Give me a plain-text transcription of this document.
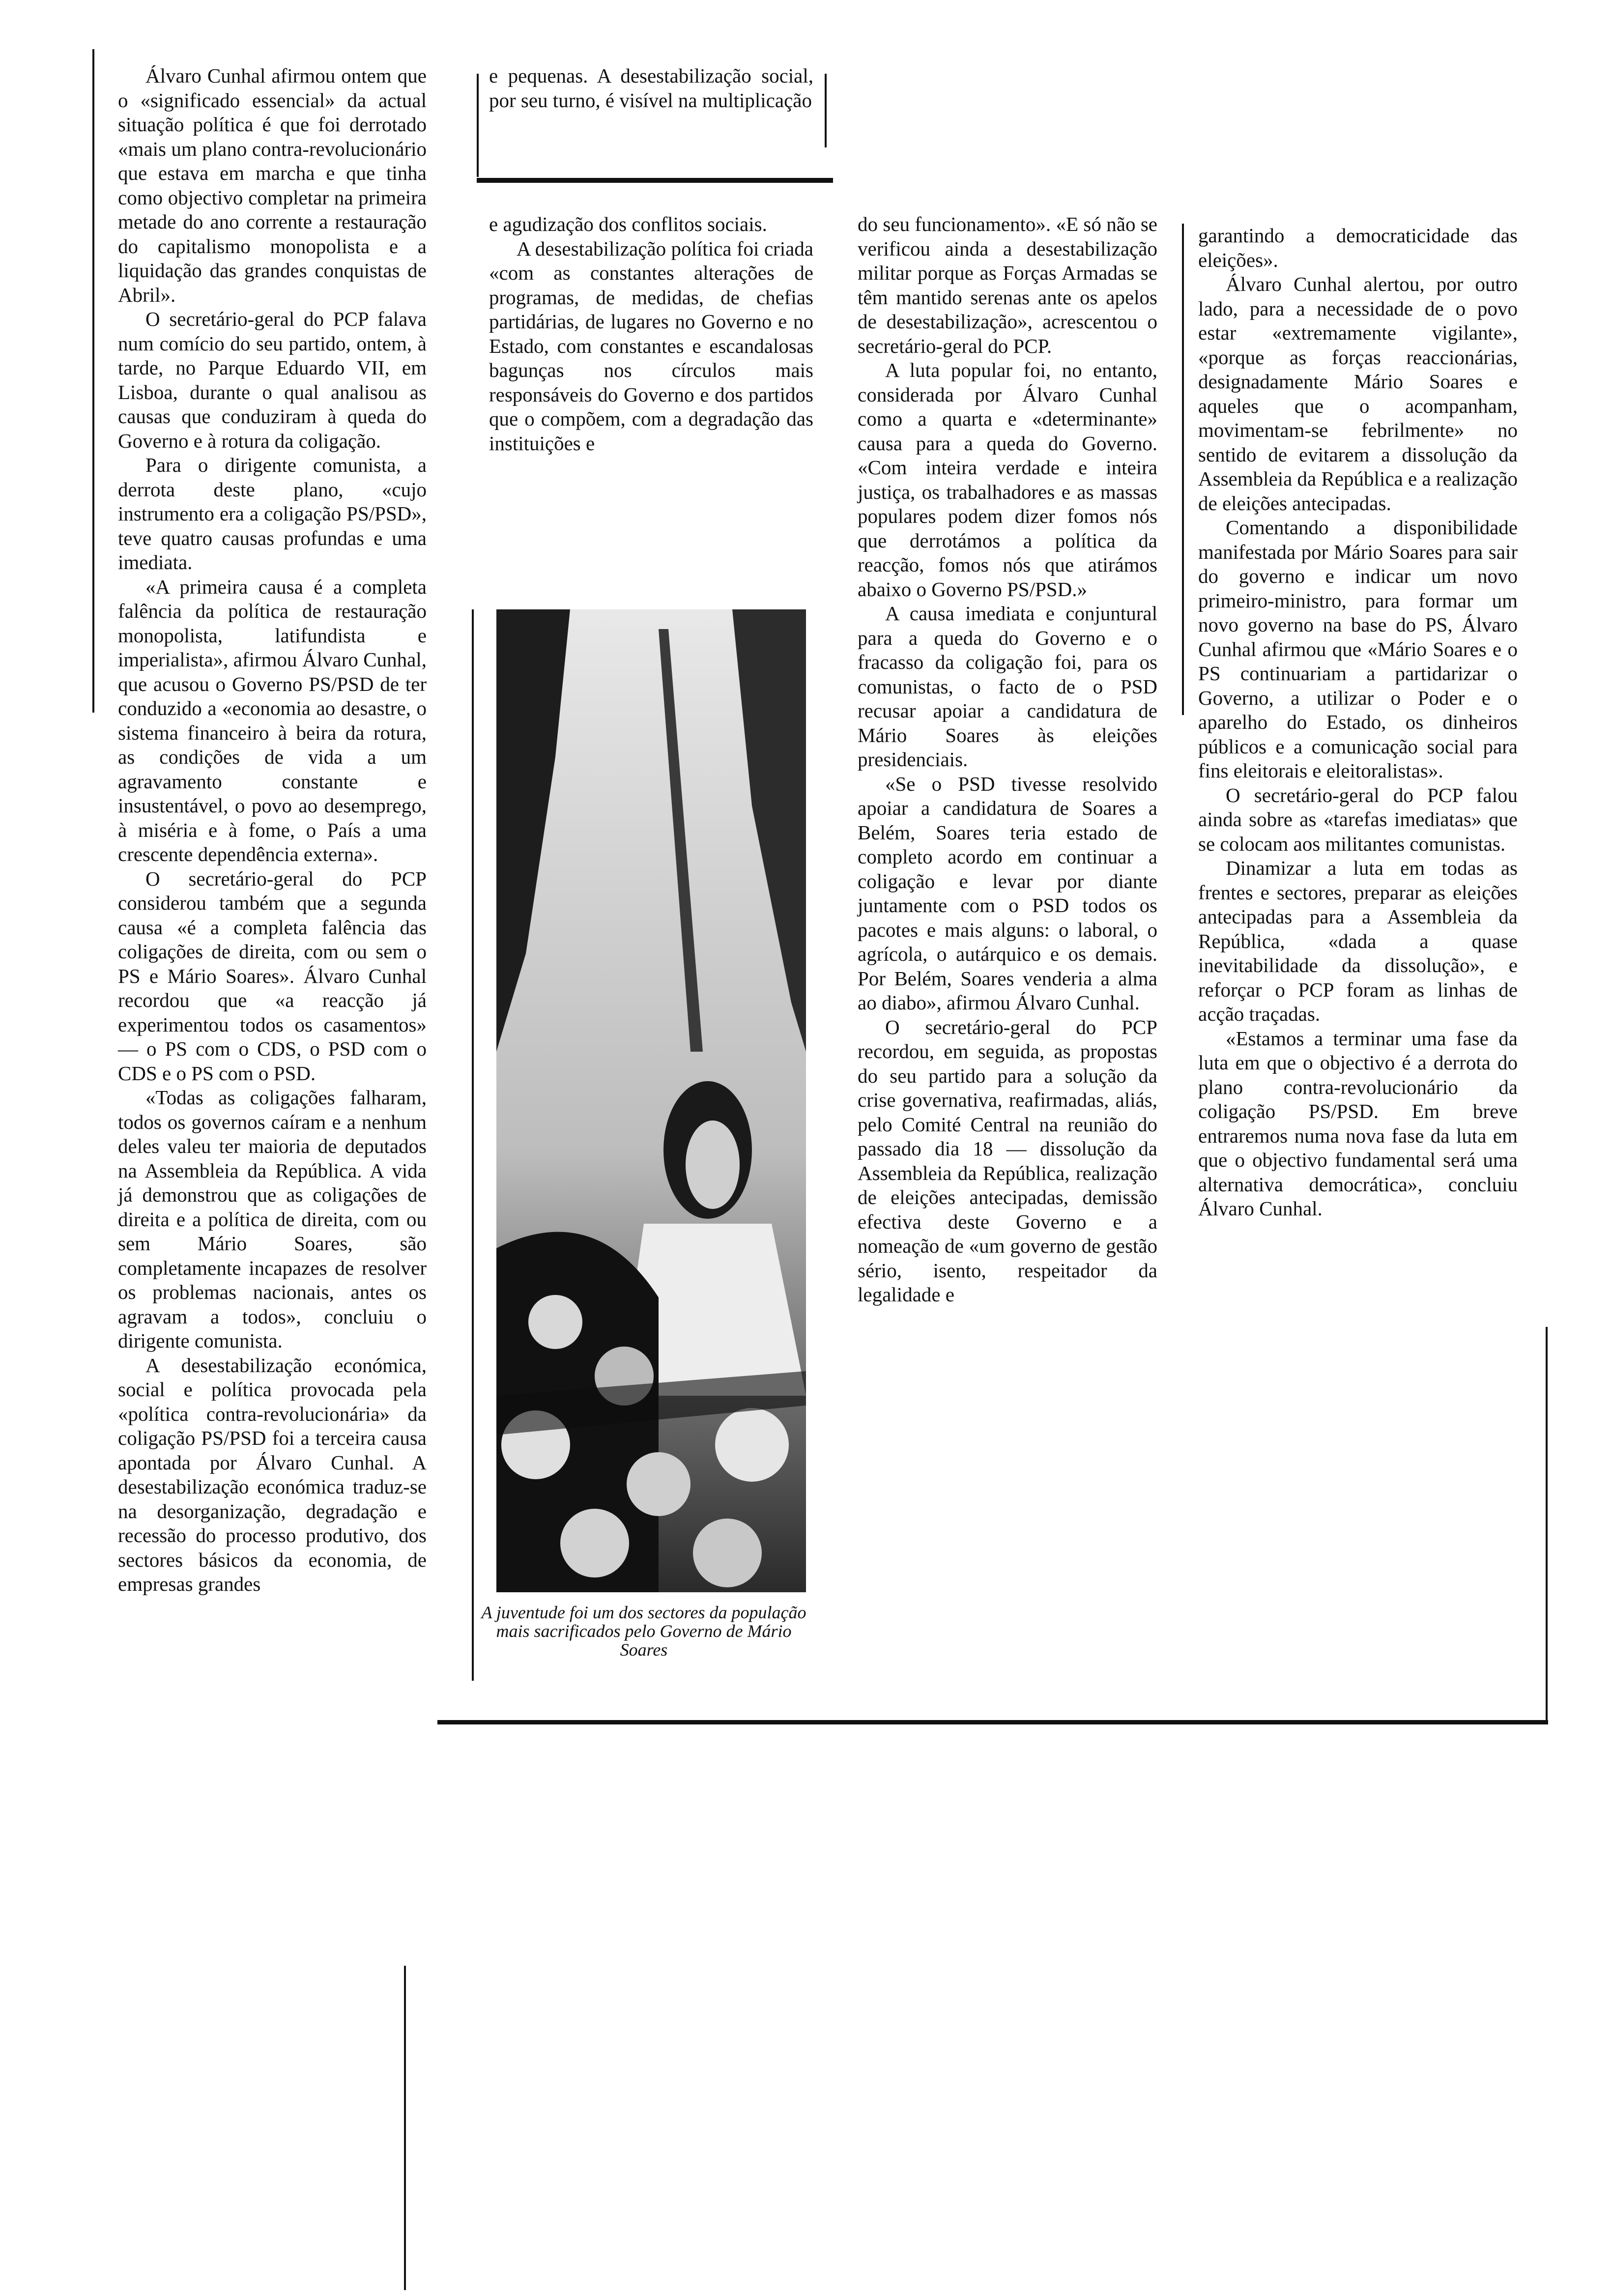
Álvaro Cunhal afirmou ontem que o «significado essencial» da actual situação política é que foi derrotado «mais um plano contra-revolucionário que estava em marcha e que tinha como objectivo completar na primeira metade do ano corrente a restauração do capitalismo monopolista e a liquidação das grandes conquistas de Abril».

O secretário-geral do PCP falava num comício do seu partido, ontem, à tarde, no Parque Eduardo VII, em Lisboa, durante o qual analisou as causas que conduziram à queda do Governo e à rotura da coligação.

Para o dirigente comunista, a derrota deste plano, «cujo instrumento era a coligação PS/PSD», teve quatro causas profundas e uma imediata.

«A primeira causa é a completa falência da política de restauração monopolista, latifundista e imperialista», afirmou Álvaro Cunhal, que acusou o Governo PS/PSD de ter conduzido a «economia ao desastre, o sistema financeiro à beira da rotura, as condições de vida a um agravamento constante e insustentável, o povo ao desemprego, à miséria e à fome, o País a uma crescente dependência externa».

O secretário-geral do PCP considerou também que a segunda causa «é a completa falência das coligações de direita, com ou sem o PS e Mário Soares». Álvaro Cunhal recordou que «a reacção já experimentou todos os casamentos» — o PS com o CDS, o PSD com o CDS e o PS com o PSD.

«Todas as coligações falharam, todos os governos caíram e a nenhum deles valeu ter maioria de deputados na Assembleia da República. A vida já demonstrou que as coligações de direita e a política de direita, com ou sem Mário Soares, são completamente incapazes de resolver os problemas nacionais, antes os agravam a todos», concluiu o dirigente comunista.

A desestabilização económica, social e política provocada pela «política contra-revolucionária» da coligação PS/PSD foi a terceira causa apontada por Álvaro Cunhal. A desestabilização económica traduz-se na desorganização, degradação e recessão do processo produtivo, dos sectores básicos da economia, de empresas grandes

e pequenas. A desestabilização social, por seu turno, é visível na multiplicação

e agudização dos conflitos sociais.

A desestabilização política foi criada «com as constantes alterações de programas, de medidas, de chefias partidárias, de lugares no Governo e no Estado, com constantes e escandalosas bagunças nos círculos mais responsáveis do Governo e dos partidos que o compõem, com a degradação das instituições e

A juventude foi um dos sectores da população mais sacrificados pelo Governo de Mário Soares

do seu funcionamento». «E só não se verificou ainda a desestabilização militar porque as Forças Armadas se têm mantido serenas ante os apelos de desestabilização», acrescentou o secretário-geral do PCP.

A luta popular foi, no entanto, considerada por Álvaro Cunhal como a quarta e «determinante» causa para a queda do Governo. «Com inteira verdade e inteira justiça, os trabalhadores e as massas populares podem dizer fomos nós que derrotámos a política da reacção, fomos nós que atirámos abaixo o Governo PS/PSD.»

A causa imediata e conjuntural para a queda do Governo e o fracasso da coligação foi, para os comunistas, o facto de o PSD recusar apoiar a candidatura de Mário Soares às eleições presidenciais.

«Se o PSD tivesse resolvido apoiar a candidatura de Soares a Belém, Soares teria estado de completo acordo em continuar a coligação e levar por diante juntamente com o PSD todos os pacotes e mais alguns: o laboral, o agrícola, o autárquico e os demais. Por Belém, Soares venderia a alma ao diabo», afirmou Álvaro Cunhal.

O secretário-geral do PCP recordou, em seguida, as propostas do seu partido para a solução da crise governativa, reafirmadas, aliás, pelo Comité Central na reunião do passado dia 18 — dissolução da Assembleia da República, realização de eleições antecipadas, demissão efectiva deste Governo e a nomeação de «um governo de gestão sério, isento, respeitador da legalidade e

garantindo a democraticidade das eleições».

Álvaro Cunhal alertou, por outro lado, para a necessidade de o povo estar «extremamente vigilante», «porque as forças reaccionárias, designadamente Mário Soares e aqueles que o acompanham, movimentam-se febrilmente» no sentido de evitarem a dissolução da Assembleia da República e a realização de eleições antecipadas.

Comentando a disponibilidade manifestada por Mário Soares para sair do governo e indicar um novo primeiro-ministro, para formar um novo governo na base do PS, Álvaro Cunhal afirmou que «Mário Soares e o PS continuariam a partidarizar o Governo, a utilizar o Poder e o aparelho do Estado, os dinheiros públicos e a comunicação social para fins eleitorais e eleitoralistas».

O secretário-geral do PCP falou ainda sobre as «tarefas imediatas» que se colocam aos militantes comunistas.

Dinamizar a luta em todas as frentes e sectores, preparar as eleições antecipadas para a Assembleia da República, «dada a quase inevitabilidade da dissolução», e reforçar o PCP foram as linhas de acção traçadas.

«Estamos a terminar uma fase da luta em que o objectivo é a derrota do plano contra-revolucionário da coligação PS/PSD. Em breve entraremos numa nova fase da luta em que o objectivo fundamental será uma alternativa democrática», concluiu Álvaro Cunhal.
